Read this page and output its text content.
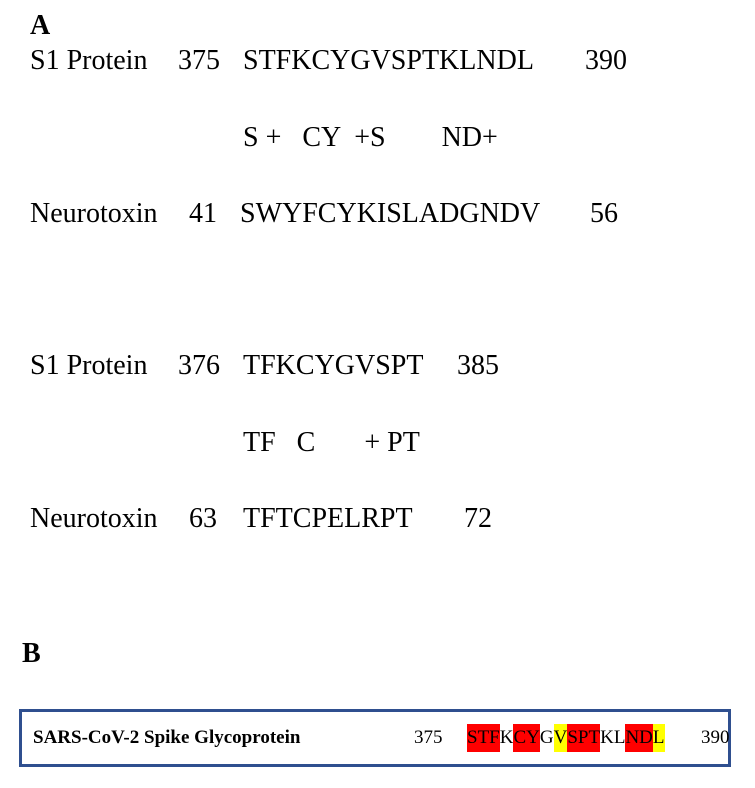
A
S1 Protein 375 STFKCYGVSPTKLNDL 390
S +   CY  +S        ND+
Neurotoxin 41 SWYFCYKISLADGNDV 56
S1 Protein 376 TFKCYGVSPT 385
TF   C       + PT
Neurotoxin 63 TFTCPELRPT 72
B
SARS-CoV-2 Spike Glycoprotein	375 STF K CY G V SPT KL ND L 390
